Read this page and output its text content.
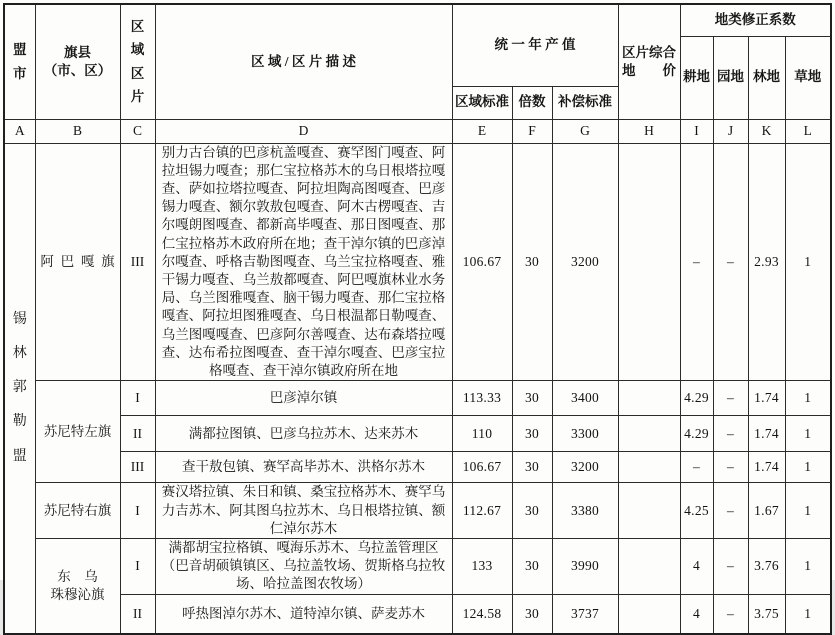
盟市	旗县
（市、区）	区域区片	区 域 / 区 片 描 述	统 一 年 产 值			区片综合
地　　价	地类修正系数			
								耕地	园地	林地	草地
				区域标准	倍数	补偿标准					
A	B	C	D	E	F	G	H	I	J	K	L
锡林郭勒盟	阿巴嘎旗	III	别力古台镇的巴彦杭盖嘎查、赛罕图门嘎查、阿拉坦锡力嘎查；那仁宝拉格苏木的乌日根塔拉嘎查、萨如拉塔拉嘎查、阿拉坦陶高图嘎查、巴彦锡力嘎查、额尔敦敖包嘎查、阿木古楞嘎查、吉尔嘎朗图嘎查、都新高毕嘎查、那日图嘎查、那仁宝拉格苏木政府所在地；查干淖尔镇的巴彦淖尔嘎查、呼格吉勒图嘎查、乌兰宝拉格嘎查、雅干锡力嘎查、乌兰敖都嘎查、阿巴嘎旗林业水务局、乌兰图雅嘎查、脑干锡力嘎查、那仁宝拉格嘎查、阿拉坦图雅嘎查、乌日根温都日勒嘎查、乌兰图嘎嘎查、巴彦阿尔善嘎查、达布森塔拉嘎查、达布希拉图嘎查、查干淖尔嘎查、巴彦宝拉格嘎查、查干淖尔镇政府所在地	106.67	30	3200		–	–	2.93	1
	苏尼特左旗	I	巴彦淖尔镇	113.33	30	3400		4.29	–	1.74	1
		II	满都拉图镇、巴彦乌拉苏木、达来苏木	110	30	3300		4.29	–	1.74	1
		III	查干敖包镇、赛罕高毕苏木、洪格尔苏木	106.67	30	3200		–	–	1.74	1
	苏尼特右旗	I	赛汉塔拉镇、朱日和镇、桑宝拉格苏木、赛罕乌力吉苏木、阿其图乌拉苏木、乌日根塔拉镇、额仁淖尔苏木	112.67	30	3380		4.25	–	1.67	1
	东　乌
珠穆沁旗	I	满都胡宝拉格镇、嘎海乐苏木、乌拉盖管理区（巴音胡硕镇镇区、乌拉盖牧场、贺斯格乌拉牧场、哈拉盖图农牧场）	133	30	3990		4	–	3.76	1
		II	呼热图淖尔苏木、道特淖尔镇、萨麦苏木	124.58	30	3737		4	–	3.75	1
